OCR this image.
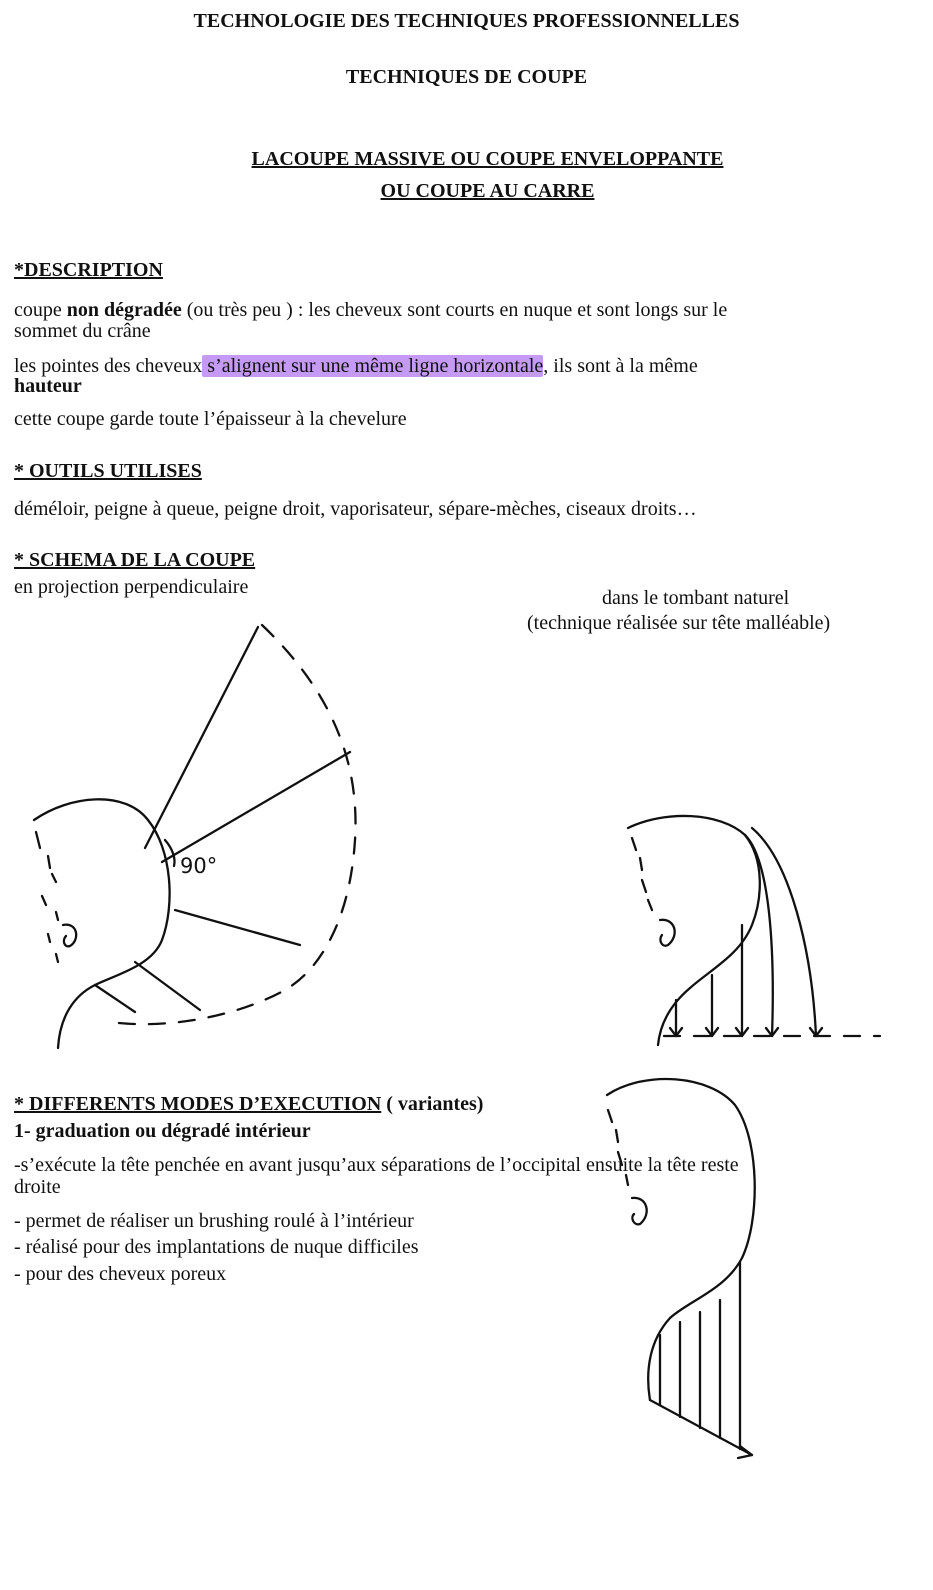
TECHNOLOGIE DES TECHNIQUES PROFESSIONNELLES
TECHNIQUES DE COUPE
LACOUPE MASSIVE OU COUPE ENVELOPPANTE
OU COUPE AU CARRE
*DESCRIPTION
coupe non dégradée (ou très peu ) : les cheveux sont courts en nuque et sont longs sur le
sommet du crâne
les pointes des cheveux s’alignent sur une même ligne horizontale, ils sont à la même
hauteur
cette coupe garde toute l’épaisseur à la chevelure
* OUTILS UTILISES
déméloir, peigne à queue, peigne droit, vaporisateur, sépare-mèches, ciseaux droits…
* SCHEMA DE LA COUPE
en projection perpendiculaire	dans le tombant naturel
(technique réalisée sur tête malléable)
90°
* DIFFERENTS MODES D’EXECUTION ( variantes)
1- graduation ou dégradé intérieur
-s’exécute la tête penchée en avant jusqu’aux séparations de l’occipital ensuite la tête reste
droite
- permet de réaliser un brushing roulé à l’intérieur
- réalisé pour des implantations de nuque difficiles
- pour des cheveux poreux
